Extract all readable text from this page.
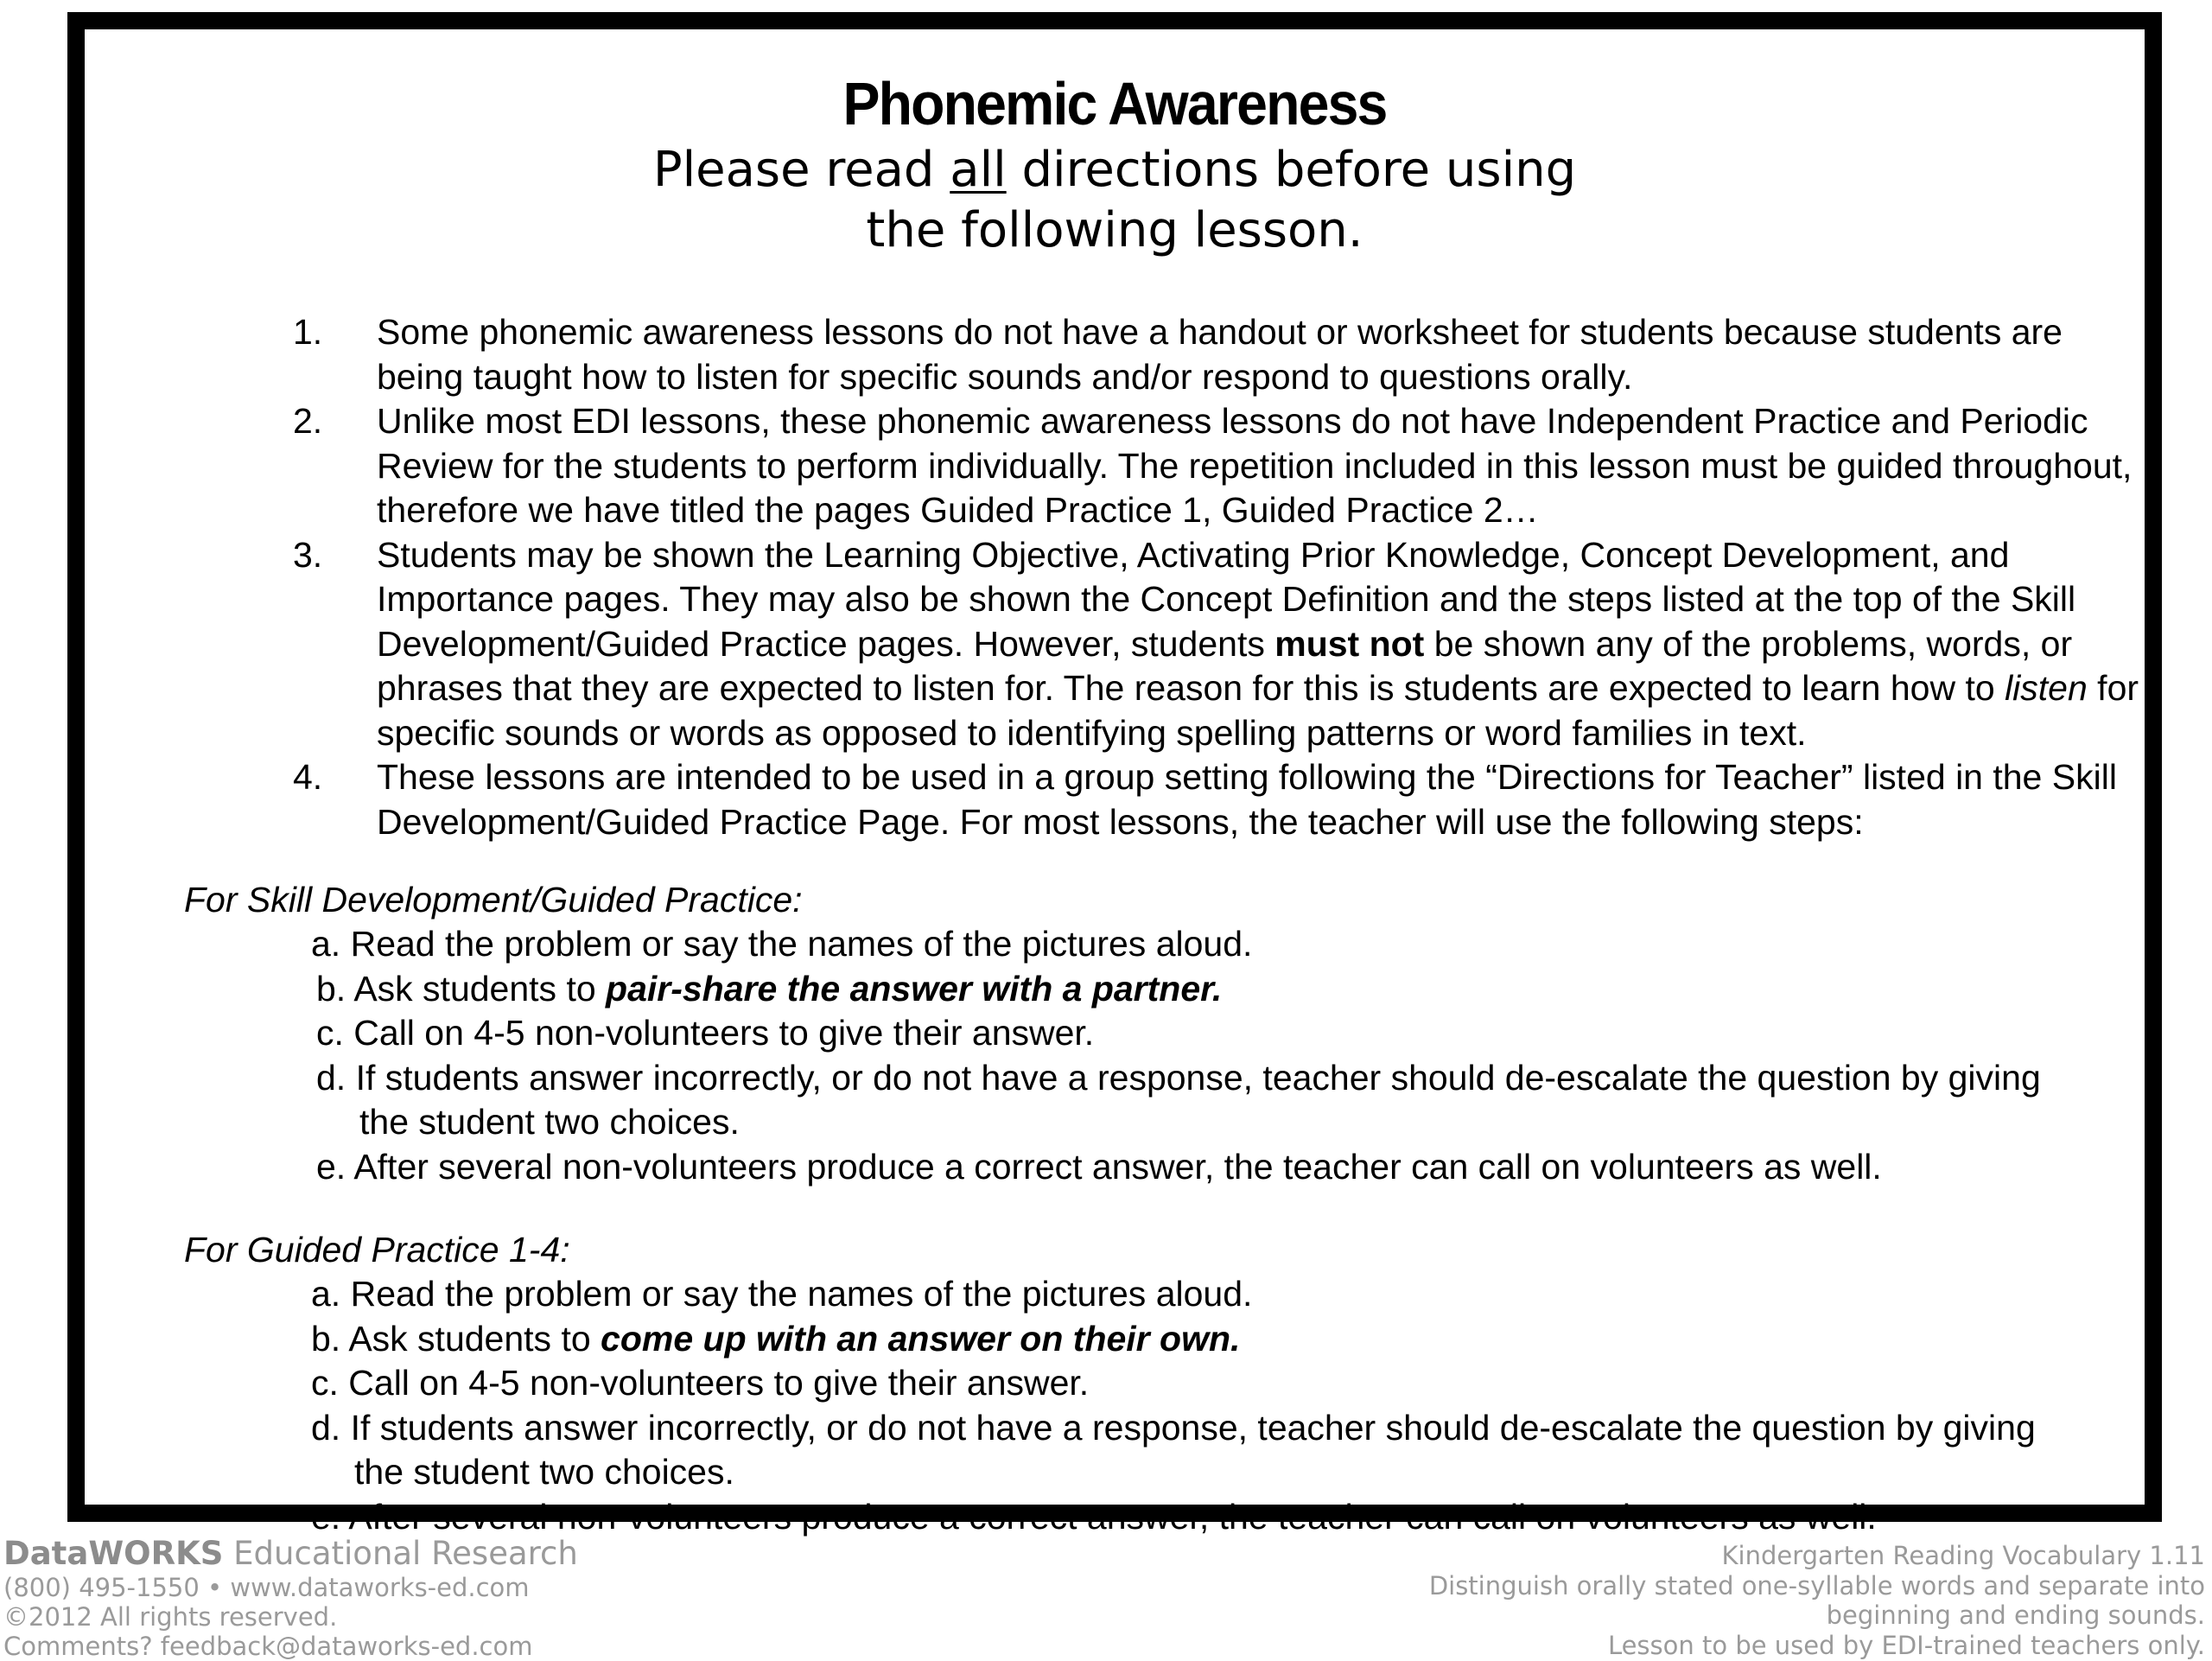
Phonemic Awareness
Please read all directions before using
the following lesson.
1. Some phonemic awareness lessons do not have a handout or worksheet for students because students are being taught how to listen for specific sounds and/or respond to questions orally.
2. Unlike most EDI lessons, these phonemic awareness lessons do not have Independent Practice and Periodic Review for the students to perform individually. The repetition included in this lesson must be guided throughout, therefore we have titled the pages Guided Practice 1, Guided Practice 2…
3. Students may be shown the Learning Objective, Activating Prior Knowledge, Concept Development, and Importance pages. They may also be shown the Concept Definition and the steps listed at the top of the Skill Development/Guided Practice pages. However, students must not be shown any of the problems, words, or phrases that they are expected to listen for. The reason for this is students are expected to learn how to listen for specific sounds or words as opposed to identifying spelling patterns or word families in text.
4. These lessons are intended to be used in a group setting following the “Directions for Teacher” listed in the Skill Development/Guided Practice Page. For most lessons, the teacher will use the following steps:
For Skill Development/Guided Practice:
a. Read the problem or say the names of the pictures aloud.
b. Ask students to pair-share the answer with a partner.
c. Call on 4-5 non-volunteers to give their answer.
d. If students answer incorrectly, or do not have a response, teacher should de-escalate the question by giving
the student two choices.
e. After several non-volunteers produce a correct answer, the teacher can call on volunteers as well.
For Guided Practice 1-4:
a. Read the problem or say the names of the pictures aloud.
b. Ask students to come up with an answer on their own.
c. Call on 4-5 non-volunteers to give their answer.
d. If students answer incorrectly, or do not have a response, teacher should de-escalate the question by giving
the student two choices.
e. After several non-volunteers produce a correct answer, the teacher can call on volunteers as well.
DataWORKS Educational Research
(800) 495-1550 • www.dataworks-ed.com
©2012 All rights reserved.
Comments? feedback@dataworks-ed.com
Kindergarten Reading Vocabulary 1.11
Distinguish orally stated one-syllable words and separate into
beginning and ending sounds.
Lesson to be used by EDI-trained teachers only.
